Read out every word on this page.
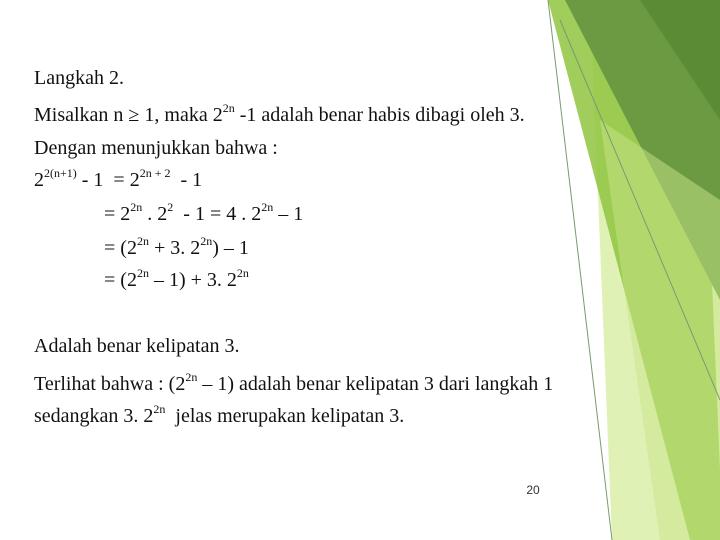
Langkah 2.
Misalkan n ≥ 1, maka $2^{2n}$ -1 adalah benar habis dibagi oleh 3.
Dengan menunjukkan bahwa :
$2^{2(n+1)} - 1 = 2^{2n + 2} - 1$
= $2^{2n}$ . $2^2 - 1 = 4$ . $2^{2n} - 1$
= ($2^{2n} + 3$. $2^{2n}) - 1$
= $(2^{2n} - 1) + 3$. $2^{2n}$
Adalah benar kelipatan 3.
Terlihat bahwa : $(2^{2n} - 1)$ adalah benar kelipatan 3 dari langkah 1
sedangkan 3. $2^{2n}$  jelas merupakan kelipatan 3.
20
